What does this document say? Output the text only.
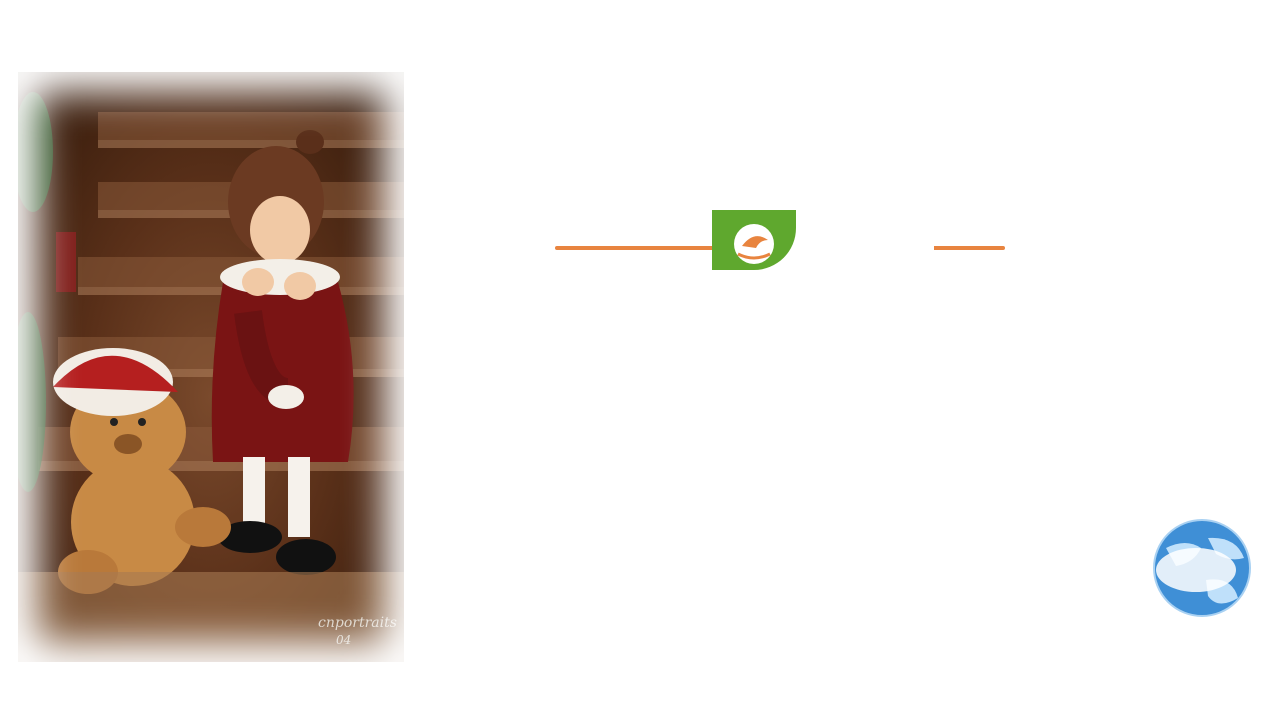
cnportraits
04
